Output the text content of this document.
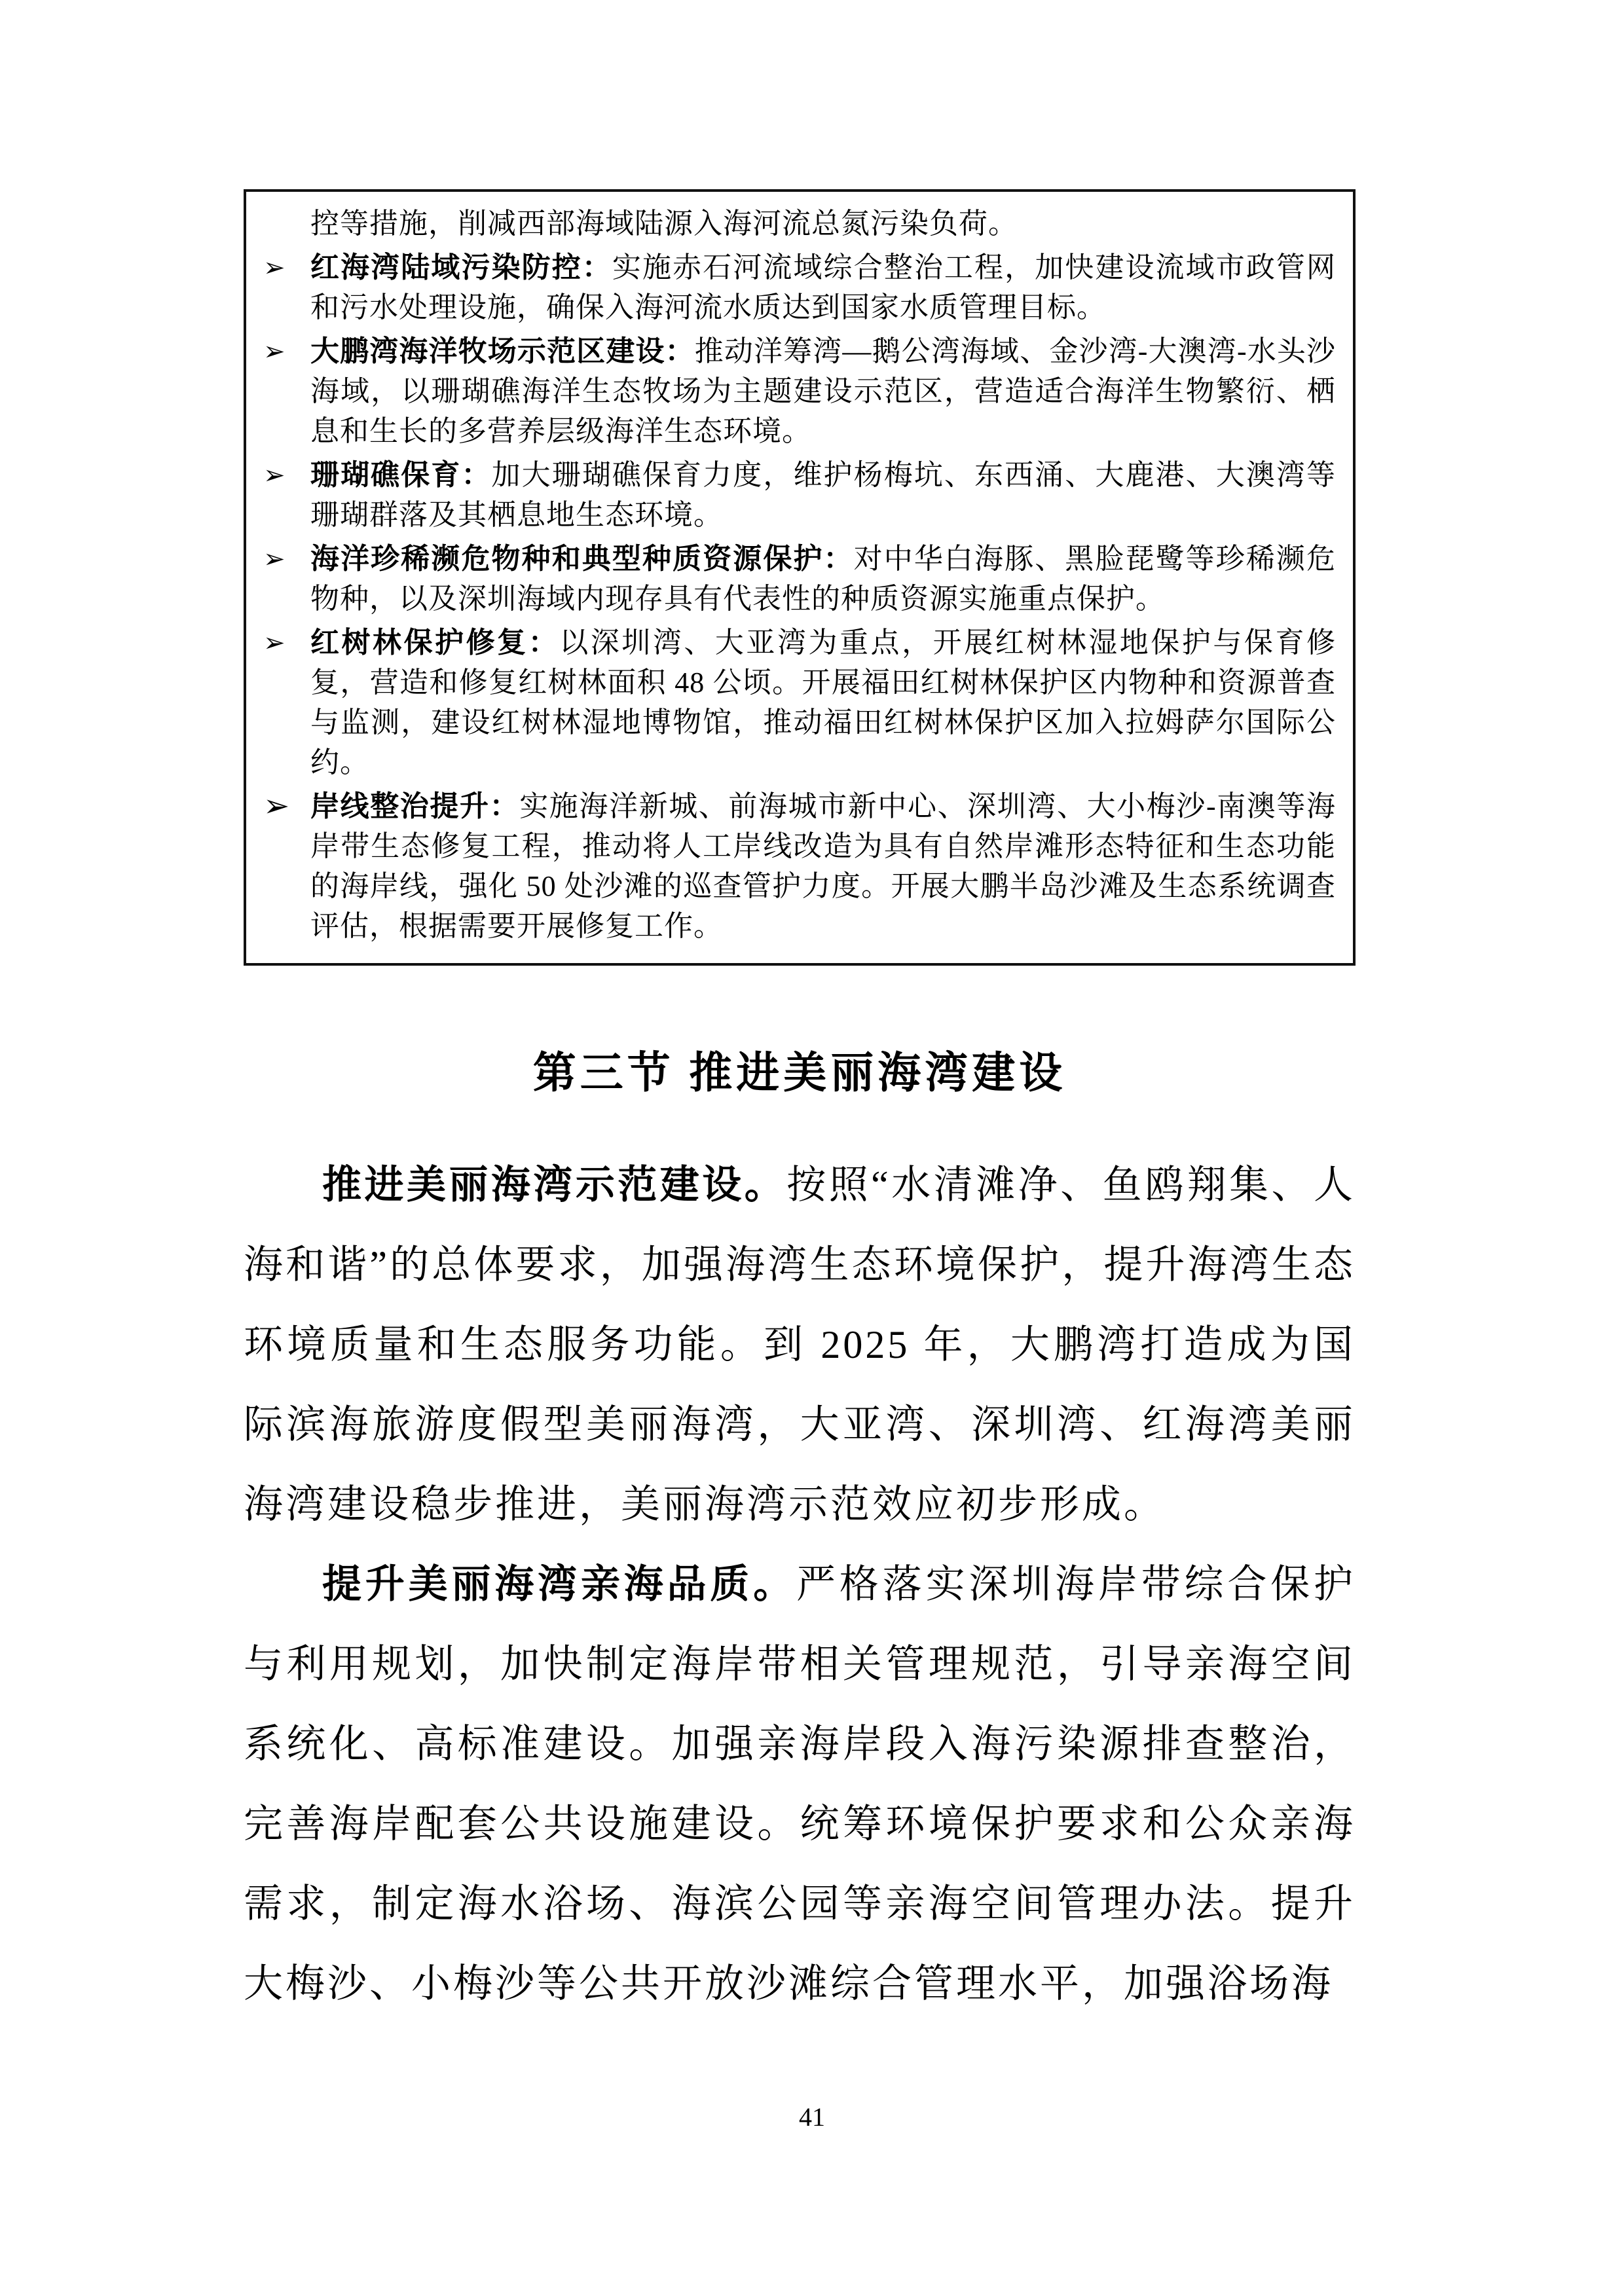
控等措施，削减西部海域陆源入海河流总氮污染负荷。
➢ 红海湾陆域污染防控：实施赤石河流域综合整治工程，加快建设流域市政管网和污水处理设施，确保入海河流水质达到国家水质管理目标。
➢ 大鹏湾海洋牧场示范区建设：推动洋筹湾—鹅公湾海域、金沙湾-大澳湾-水头沙海域，以珊瑚礁海洋生态牧场为主题建设示范区，营造适合海洋生物繁衍、栖息和生长的多营养层级海洋生态环境。
➢ 珊瑚礁保育：加大珊瑚礁保育力度，维护杨梅坑、东西涌、大鹿港、大澳湾等珊瑚群落及其栖息地生态环境。
➢ 海洋珍稀濒危物种和典型种质资源保护：对中华白海豚、黑脸琵鹭等珍稀濒危物种，以及深圳海域内现存具有代表性的种质资源实施重点保护。
➢ 红树林保护修复：以深圳湾、大亚湾为重点，开展红树林湿地保护与保育修复，营造和修复红树林面积 48 公顷。开展福田红树林保护区内物种和资源普查与监测，建设红树林湿地博物馆，推动福田红树林保护区加入拉姆萨尔国际公约。
➢ 岸线整治提升：实施海洋新城、前海城市新中心、深圳湾、大小梅沙-南澳等海岸带生态修复工程，推动将人工岸线改造为具有自然岸滩形态特征和生态功能的海岸线，强化 50 处沙滩的巡查管护力度。开展大鹏半岛沙滩及生态系统调查评估，根据需要开展修复工作。
第三节 推进美丽海湾建设

推进美丽海湾示范建设。按照“水清滩净、鱼鸥翔集、人海和谐”的总体要求，加强海湾生态环境保护，提升海湾生态环境质量和生态服务功能。到 2025 年，大鹏湾打造成为国际滨海旅游度假型美丽海湾，大亚湾、深圳湾、红海湾美丽海湾建设稳步推进，美丽海湾示范效应初步形成。

提升美丽海湾亲海品质。严格落实深圳海岸带综合保护与利用规划，加快制定海岸带相关管理规范，引导亲海空间系统化、高标准建设。加强亲海岸段入海污染源排查整治，完善海岸配套公共设施建设。统筹环境保护要求和公众亲海需求，制定海水浴场、海滨公园等亲海空间管理办法。提升大梅沙、小梅沙等公共开放沙滩综合管理水平，加强浴场海

41
